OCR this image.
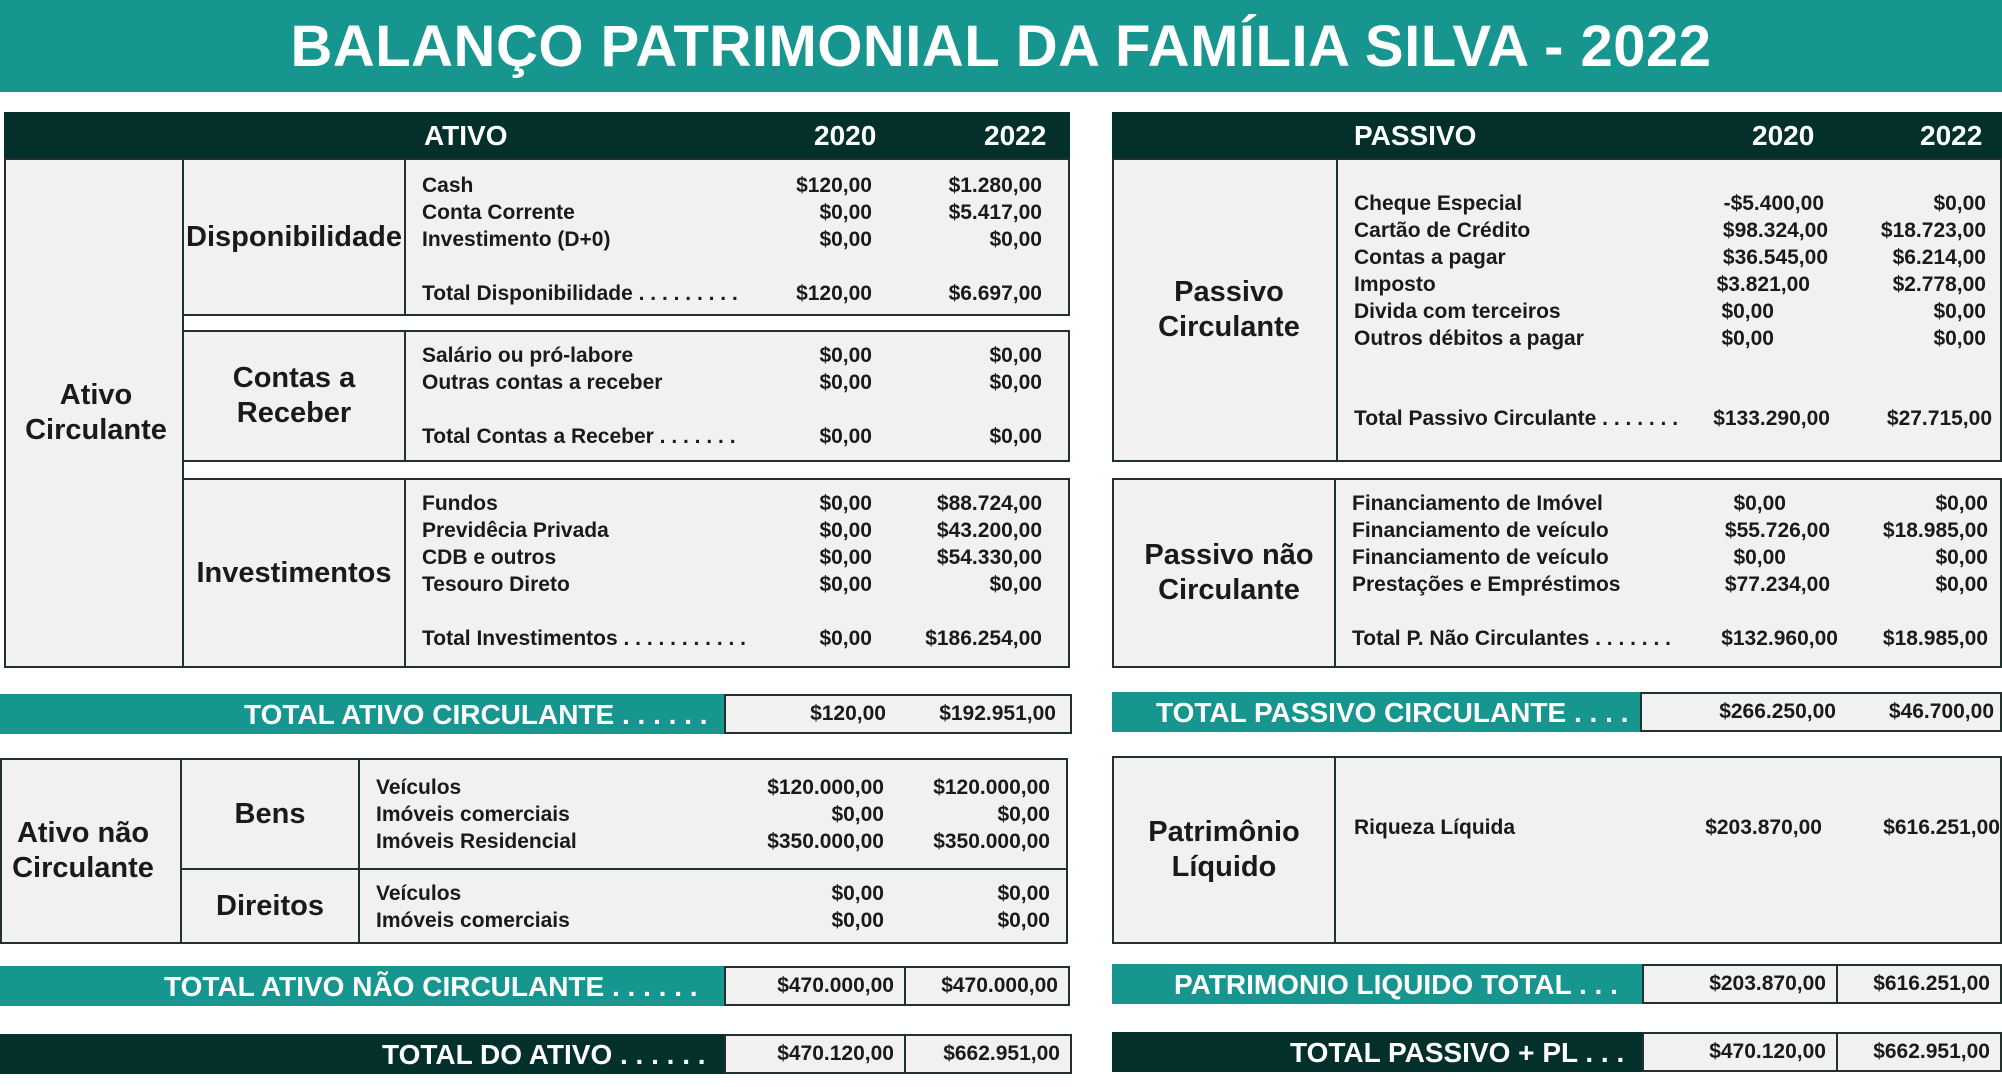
BALANÇO PATRIMONIAL DA FAMÍLIA SILVA - 2022
ATIVO	2020	2022
Ativo Circulante
Disponibilidade
Cash	$120,00	$1.280,00
Conta Corrente	$0,00	$5.417,00
Investimento (D+0)	$0,00	$0,00
Total Disponibilidade . . . . . . . . .	$120,00	$6.697,00
Contas a Receber
Salário ou pró-labore	$0,00	$0,00
Outras contas a receber	$0,00	$0,00
Total Contas a Receber . . . . . . .	$0,00	$0,00
Investimentos
Fundos	$0,00	$88.724,00
Previdêcia Privada	$0,00	$43.200,00
CDB e outros	$0,00	$54.330,00
Tesouro Direto	$0,00	$0,00
Total Investimentos . . . . . . . . . . .	$0,00	$186.254,00
TOTAL ATIVO CIRCULANTE . . . . . .	$120,00	$192.951,00
Ativo não Circulante
Bens
Direitos
Veículos	$120.000,00 $120.000,00
Imóveis comerciais	$0,00	$0,00
Imóveis Residencial	$350.000,00 $350.000,00
Veículos	$0,00	$0,00
Imóveis comerciais	$0,00	$0,00
TOTAL ATIVO NÃO CIRCULANTE . . . . . .	$470.000,00	$470.000,00
TOTAL DO ATIVO . . . . . .	$470.120,00	$662.951,00
PASSIVO	2020	2022
Passivo Circulante
Cheque Especial	-$5.400,00	$0,00
Cartão de Crédito	$98.324,00	$18.723,00
Contas a pagar	$36.545,00	$6.214,00
Imposto	$3.821,00	$2.778,00
Divida com terceiros	$0,00	$0,00
Outros débitos a pagar	$0,00	$0,00
Total Passivo Circulante . . . . . . . $133.290,00	$27.715,00
Passivo não Circulante
Financiamento de Imóvel	$0,00	$0,00
Financiamento de veículo	$55.726,00	$18.985,00
Financiamento de veículo	$0,00	$0,00
Prestações e Empréstimos	$77.234,00	$0,00
Total P. Não Circulantes . . . . . . . $132.960,00 $18.985,00
TOTAL PASSIVO CIRCULANTE . . . .	$266.250,00	$46.700,00
Patrimônio Líquido
Riqueza Líquida	$203.870,00	$616.251,00
PATRIMONIO LIQUIDO TOTAL . . .	$203.870,00	$616.251,00
TOTAL PASSIVO + PL . . .	$470.120,00	$662.951,00
